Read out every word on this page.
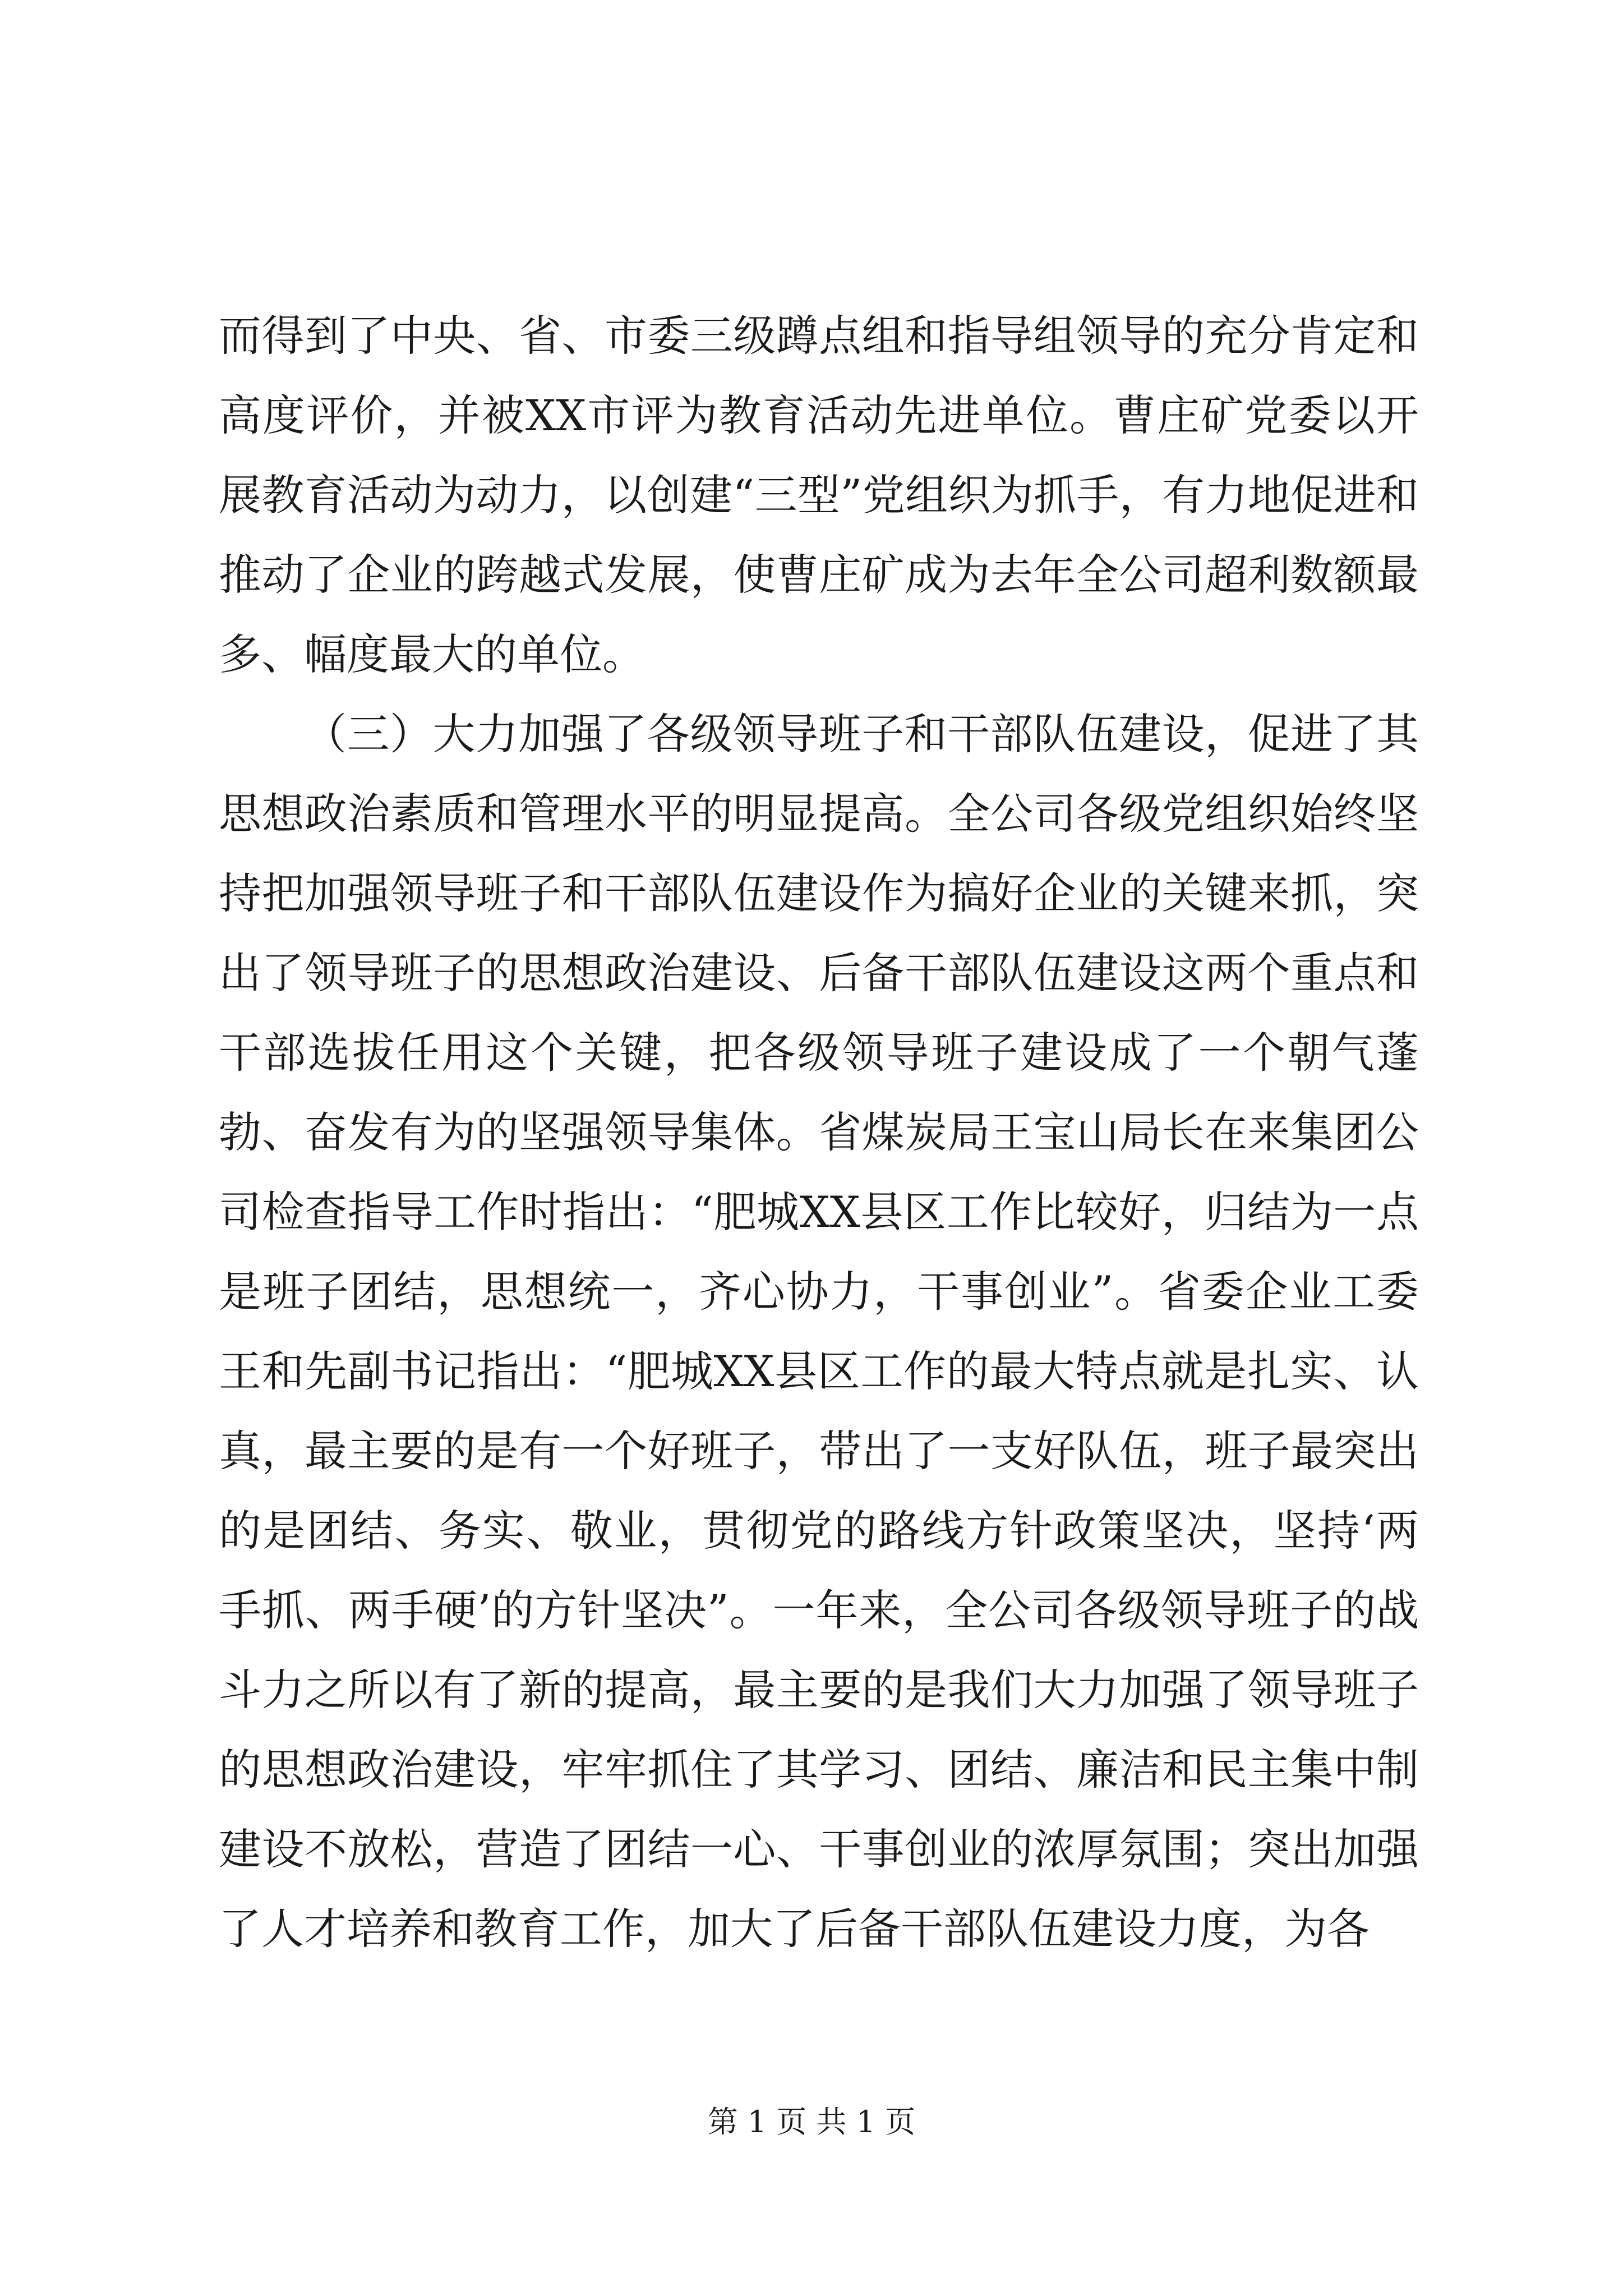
而得到了中央、省、市委三级蹲点组和指导组领导的充分肯定和高度评价，并被XX市评为教育活动先进单位。曹庄矿党委以开展教育活动为动力，以创建“三型”党组织为抓手，有力地促进和推动了企业的跨越式发展，使曹庄矿成为去年全公司超利数额最多、幅度最大的单位。

（三）大力加强了各级领导班子和干部队伍建设，促进了其思想政治素质和管理水平的明显提高。全公司各级党组织始终坚持把加强领导班子和干部队伍建设作为搞好企业的关键来抓，突出了领导班子的思想政治建设、后备干部队伍建设这两个重点和干部选拔任用这个关键，把各级领导班子建设成了一个朝气蓬勃、奋发有为的坚强领导集体。省煤炭局王宝山局长在来集团公司检查指导工作时指出：“肥城XX县区工作比较好，归结为一点是班子团结，思想统一，齐心协力，干事创业”。省委企业工委王和先副书记指出：“肥城XX县区工作的最大特点就是扎实、认真，最主要的是有一个好班子，带出了一支好队伍，班子最突出的是团结、务实、敬业，贯彻党的路线方针政策坚决，坚持‘两手抓、两手硬’的方针坚决”。一年来，全公司各级领导班子的战斗力之所以有了新的提高，最主要的是我们大力加强了领导班子的思想政治建设，牢牢抓住了其学习、团结、廉洁和民主集中制建设不放松，营造了团结一心、干事创业的浓厚氛围；突出加强了人才培养和教育工作，加大了后备干部队伍建设力度，为各

第 1 页 共 1 页
